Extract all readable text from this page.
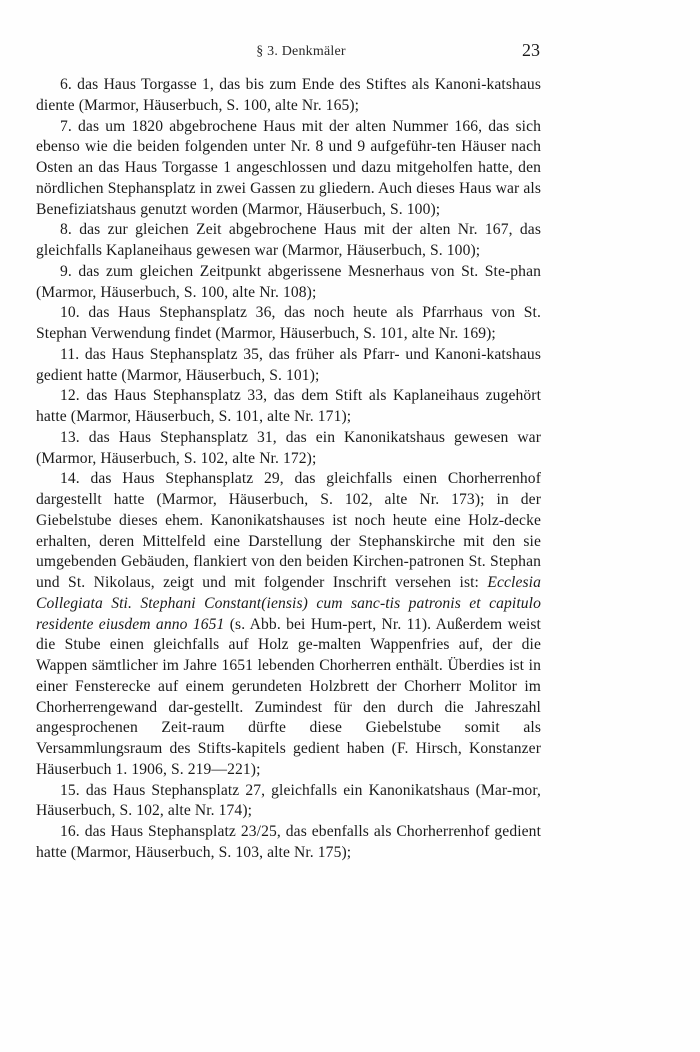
§ 3. Denkmäler	23

6. das Haus Torgasse 1, das bis zum Ende des Stiftes als Kanoni-katshaus diente (Marmor, Häuserbuch, S. 100, alte Nr. 165);

7. das um 1820 abgebrochene Haus mit der alten Nummer 166, das sich ebenso wie die beiden folgenden unter Nr. 8 und 9 aufgeführ-ten Häuser nach Osten an das Haus Torgasse 1 angeschlossen und dazu mitgeholfen hatte, den nördlichen Stephansplatz in zwei Gassen zu gliedern. Auch dieses Haus war als Benefiziatshaus genutzt worden (Marmor, Häuserbuch, S. 100);

8. das zur gleichen Zeit abgebrochene Haus mit der alten Nr. 167, das gleichfalls Kaplaneihaus gewesen war (Marmor, Häuserbuch, S. 100);

9. das zum gleichen Zeitpunkt abgerissene Mesnerhaus von St. Ste-phan (Marmor, Häuserbuch, S. 100, alte Nr. 108);

10. das Haus Stephansplatz 36, das noch heute als Pfarrhaus von St. Stephan Verwendung findet (Marmor, Häuserbuch, S. 101, alte Nr. 169);

11. das Haus Stephansplatz 35, das früher als Pfarr- und Kanoni-katshaus gedient hatte (Marmor, Häuserbuch, S. 101);

12. das Haus Stephansplatz 33, das dem Stift als Kaplaneihaus zugehört hatte (Marmor, Häuserbuch, S. 101, alte Nr. 171);

13. das Haus Stephansplatz 31, das ein Kanonikatshaus gewesen war (Marmor, Häuserbuch, S. 102, alte Nr. 172);

14. das Haus Stephansplatz 29, das gleichfalls einen Chorherrenhof dargestellt hatte (Marmor, Häuserbuch, S. 102, alte Nr. 173); in der Giebelstube dieses ehem. Kanonikatshauses ist noch heute eine Holz-decke erhalten, deren Mittelfeld eine Darstellung der Stephanskirche mit den sie umgebenden Gebäuden, flankiert von den beiden Kirchen-patronen St. Stephan und St. Nikolaus, zeigt und mit folgender Inschrift versehen ist: Ecclesia Collegiata Sti. Stephani Constant(iensis) cum sanc-tis patronis et capitulo residente eiusdem anno 1651 (s. Abb. bei Hum-pert, Nr. 11). Außerdem weist die Stube einen gleichfalls auf Holz ge-malten Wappenfries auf, der die Wappen sämtlicher im Jahre 1651 lebenden Chorherren enthält. Überdies ist in einer Fensterecke auf einem gerundeten Holzbrett der Chorherr Molitor im Chorherrengewand dar-gestellt. Zumindest für den durch die Jahreszahl angesprochenen Zeit-raum dürfte diese Giebelstube somit als Versammlungsraum des Stifts-kapitels gedient haben (F. Hirsch, Konstanzer Häuserbuch 1. 1906, S. 219—221);

15. das Haus Stephansplatz 27, gleichfalls ein Kanonikatshaus (Mar-mor, Häuserbuch, S. 102, alte Nr. 174);

16. das Haus Stephansplatz 23/25, das ebenfalls als Chorherrenhof gedient hatte (Marmor, Häuserbuch, S. 103, alte Nr. 175);
